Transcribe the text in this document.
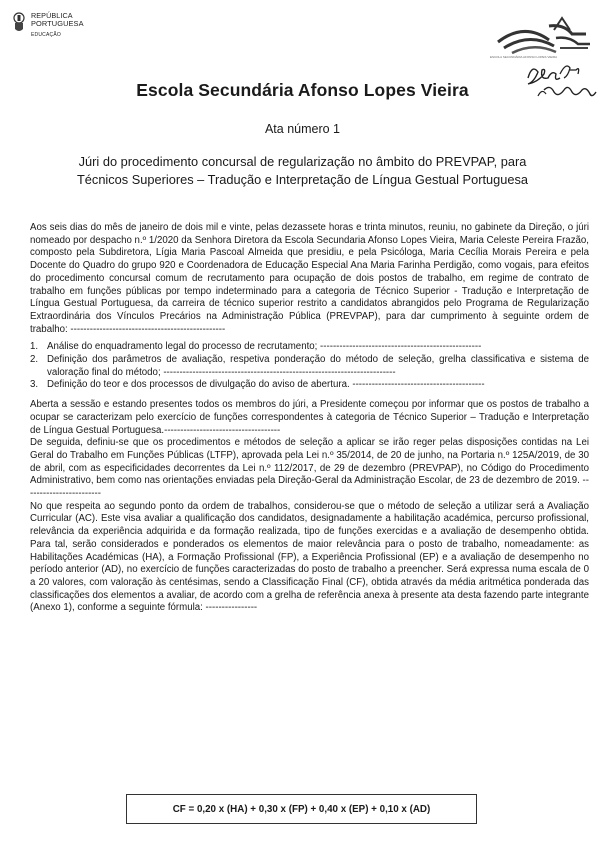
REPÚBLICA
PORTUGUESA
EDUCAÇÃO
ESCOLA SECUNDÁRIA AFONSO LOPES VIEIRA
Escola Secundária Afonso Lopes Vieira
Ata número 1
Júri do procedimento concursal de regularização no âmbito do PREVPAP, para
Técnicos Superiores – Tradução e Interpretação de Língua Gestual Portuguesa

Aos seis dias do mês de janeiro de dois mil e vinte, pelas dezassete horas e trinta minutos, reuniu, no gabinete da Direção, o júri nomeado por despacho n.º 1/2020 da Senhora Diretora da Escola Secundaria Afonso Lopes Vieira, Maria Celeste Pereira Frazão, composto pela Subdiretora, Lígia Maria Pascoal Almeida que presidiu, e pela Psicóloga, Maria Cecília Morais Pereira e pela Docente do Quadro do grupo 920 e Coordenadora de Educação Especial Ana Maria Farinha Perdigão, como vogais, para efeitos do procedimento concursal comum de recrutamento para ocupação de dois postos de trabalho, em regime de contrato de trabalho em funções públicas por tempo indeterminado para a categoria de Técnico Superior - Tradução e Interpretação de Língua Gestual Portuguesa, da carreira de técnico superior restrito a candidatos abrangidos pelo Programa de Regularização Extraordinária dos Vínculos Precários na Administração Pública (PREVPAP), para dar cumprimento à seguinte ordem de trabalho: ------------------------------------------------

1. Análise do enquadramento legal do processo de recrutamento; --------------------------------------------------
2. Definição dos parâmetros de avaliação, respetiva ponderação do método de seleção, grelha classificativa e sistema de valoração final do método; ------------------------------------------------------------------------
3. Definição do teor e dos processos de divulgação do aviso de abertura. -----------------------------------------

Aberta a sessão e estando presentes todos os membros do júri, a Presidente começou por informar que os postos de trabalho a ocupar se caracterizam pelo exercício de funções correspondentes à categoria de Técnico Superior – Tradução e Interpretação de Língua Gestual Portuguesa.------------------------------------

De seguida, definiu-se que os procedimentos e métodos de seleção a aplicar se irão reger pelas disposições contidas na Lei Geral do Trabalho em Funções Públicas (LTFP), aprovada pela Lei n.º 35/2014, de 20 de junho, na Portaria n.º 125A/2019, de 30 de abril, com as especificidades decorrentes da Lei n.º 112/2017, de 29 de dezembro (PREVPAP), no Código do Procedimento Administrativo, bem como nas orientações enviadas pela Direção-Geral da Administração Escolar, de 23 de dezembro de 2019. ------------------------

No que respeita ao segundo ponto da ordem de trabalhos, considerou-se que o método de seleção a utilizar será a Avaliação Curricular (AC). Este visa avaliar a qualificação dos candidatos, designadamente a habilitação académica, percurso profissional, relevância da experiência adquirida e da formação realizada, tipo de funções exercidas e a avaliação de desempenho obtida. Para tal, serão considerados e ponderados os elementos de maior relevância para o posto de trabalho, nomeadamente: as Habilitações Académicas (HA), a Formação Profissional (FP), a Experiência Profissional (EP) e a avaliação de desempenho no período anterior (AD), no exercício de funções caracterizadas do posto de trabalho a preencher. Será expressa numa escala de 0 a 20 valores, com valoração às centésimas, sendo a Classificação Final (CF), obtida através da média aritmética ponderada das classificações dos elementos a avaliar, de acordo com a grelha de referência anexa à presente ata desta fazendo parte integrante (Anexo 1), conforme a seguinte fórmula: ----------------

CF = 0,20 x (HA) + 0,30 x (FP) + 0,40 x (EP) + 0,10 x (AD)
